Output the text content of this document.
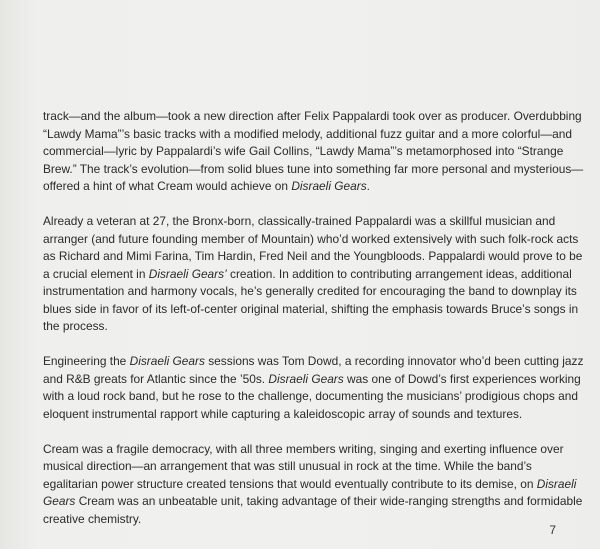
track—and the album—took a new direction after Felix Pappalardi took over as producer. Overdubbing “Lawdy Mama”’s basic tracks with a modified melody, additional fuzz guitar and a more colorful—and commercial—lyric by Pappalardi’s wife Gail Collins, “Lawdy Mama”’s metamorphosed into “Strange Brew.” The track’s evolution—from solid blues tune into something far more personal and mysterious—offered a hint of what Cream would achieve on Disraeli Gears.

Already a veteran at 27, the Bronx-born, classically-trained Pappalardi was a skillful musician and arranger (and future founding member of Mountain) who’d worked extensively with such folk-rock acts as Richard and Mimi Farina, Tim Hardin, Fred Neil and the Youngbloods. Pappalardi would prove to be a crucial element in Disraeli Gears’ creation. In addition to contributing arrangement ideas, additional instrumentation and harmony vocals, he’s generally credited for encouraging the band to downplay its blues side in favor of its left-of-center original material, shifting the emphasis towards Bruce’s songs in the process.

Engineering the Disraeli Gears sessions was Tom Dowd, a recording innovator who’d been cutting jazz and R&B greats for Atlantic since the ’50s. Disraeli Gears was one of Dowd’s first experiences working with a loud rock band, but he rose to the challenge, documenting the musicians’ prodigious chops and eloquent instrumental rapport while capturing a kaleidoscopic array of sounds and textures.

Cream was a fragile democracy, with all three members writing, singing and exerting influence over musical direction—an arrangement that was still unusual in rock at the time. While the band’s egalitarian power structure created tensions that would eventually contribute to its demise, on Disraeli Gears Cream was an unbeatable unit, taking advantage of their wide-ranging strengths and formidable creative chemistry.

7
